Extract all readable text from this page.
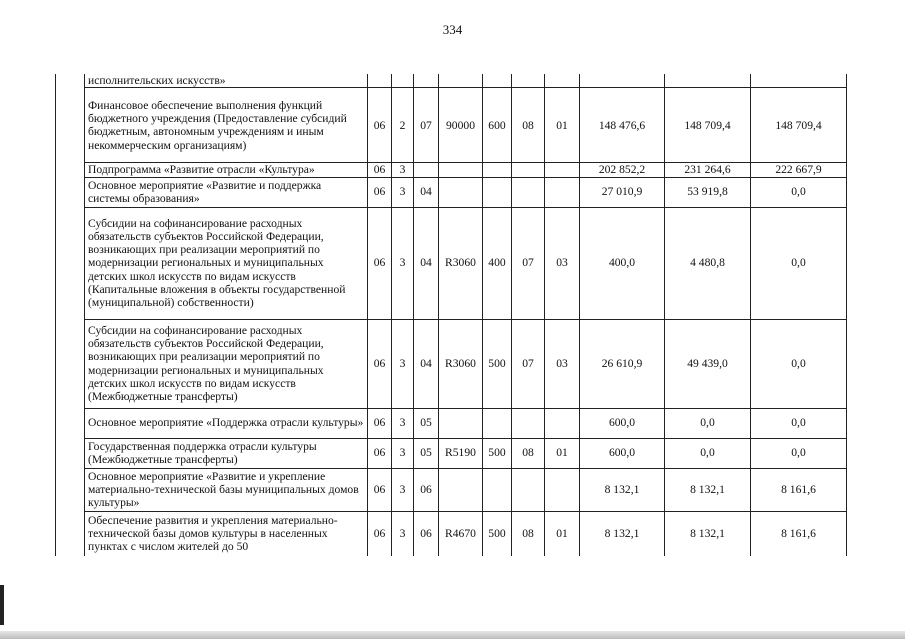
334
	исполнительских искусств»										
	Финансовое обеспечение выполнения функций бюджетного учреждения (Предоставление субсидий бюджетным, автономным учреждениям и иным некоммерческим организациям)	06	2	07	90000	600	08	01	148 476,6	148 709,4	148 709,4
	Подпрограмма «Развитие отрасли «Культура»	06	3						202 852,2	231 264,6	222 667,9
	Основное мероприятие «Развитие и поддержка системы образования»	06	3	04					27 010,9	53 919,8	0,0
	Субсидии на софинансирование расходных обязательств субъектов Российской Федерации, возникающих при реализации мероприятий по модернизации региональных и муниципальных детских школ искусств по видам искусств (Капитальные вложения в объекты государственной (муниципальной) собственности)	06	3	04	R3060	400	07	03	400,0	4 480,8	0,0
	Субсидии на софинансирование расходных обязательств субъектов Российской Федерации, возникающих при реализации мероприятий по модернизации региональных и муниципальных детских школ искусств по видам искусств (Межбюджетные трансферты)	06	3	04	R3060	500	07	03	26 610,9	49 439,0	0,0
	Основное мероприятие «Поддержка отрасли культуры»	06	3	05					600,0	0,0	0,0
	Государственная поддержка отрасли культуры (Межбюджетные трансферты)	06	3	05	R5190	500	08	01	600,0	0,0	0,0
	Основное мероприятие «Развитие и укрепление материально-технической базы муниципальных домов культуры»	06	3	06					8 132,1	8 132,1	8 161,6
	Обеспечение развития и укрепления материально-технической базы домов культуры в населенных пунктах с числом жителей до 50	06	3	06	R4670	500	08	01	8 132,1	8 132,1	8 161,6
